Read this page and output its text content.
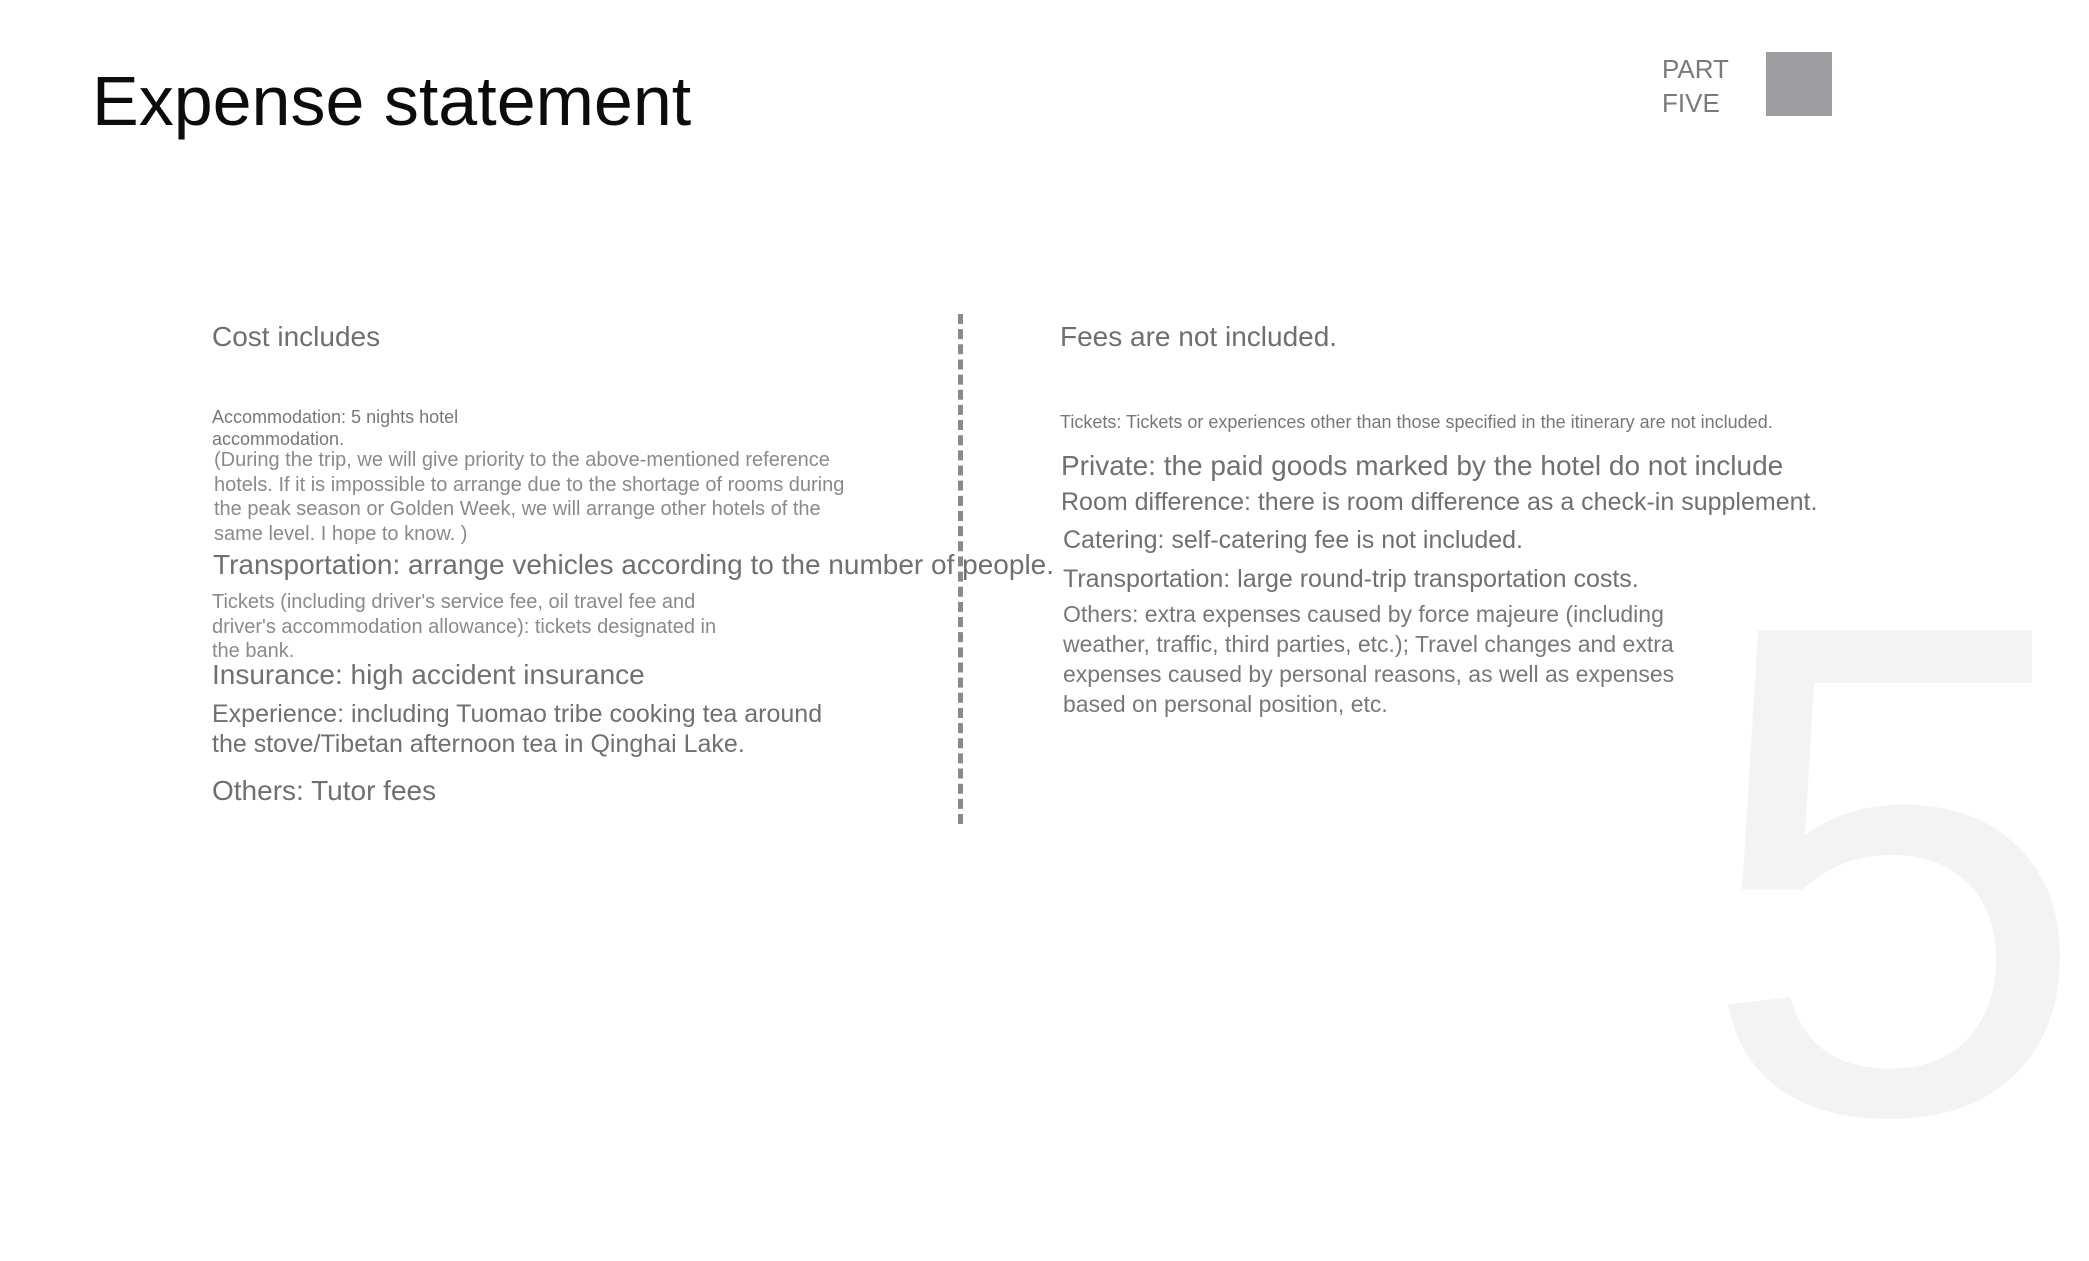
5
Expense statement	PART
FIVE
Cost includes
Accommodation: 5 nights hotel accommodation.
(During the trip, we will give priority to the above-mentioned reference hotels. If it is impossible to arrange due to the shortage of rooms during the peak season or Golden Week, we will arrange other hotels of the same level. I hope to know. )
Transportation: arrange vehicles according to the number of people.
Tickets (including driver's service fee, oil travel fee and driver's accommodation allowance): tickets designated in the bank.
Insurance: high accident insurance
Experience: including Tuomao tribe cooking tea around the stove/Tibetan afternoon tea in Qinghai Lake.
Others: Tutor fees
Fees are not included.
Tickets: Tickets or experiences other than those specified in the itinerary are not included.
Private: the paid goods marked by the hotel do not include
Room difference: there is room difference as a check-in supplement.
Catering: self-catering fee is not included.
Transportation: large round-trip transportation costs.
Others: extra expenses caused by force majeure (including weather, traffic, third parties, etc.); Travel changes and extra expenses caused by personal reasons, as well as expenses based on personal position, etc.
